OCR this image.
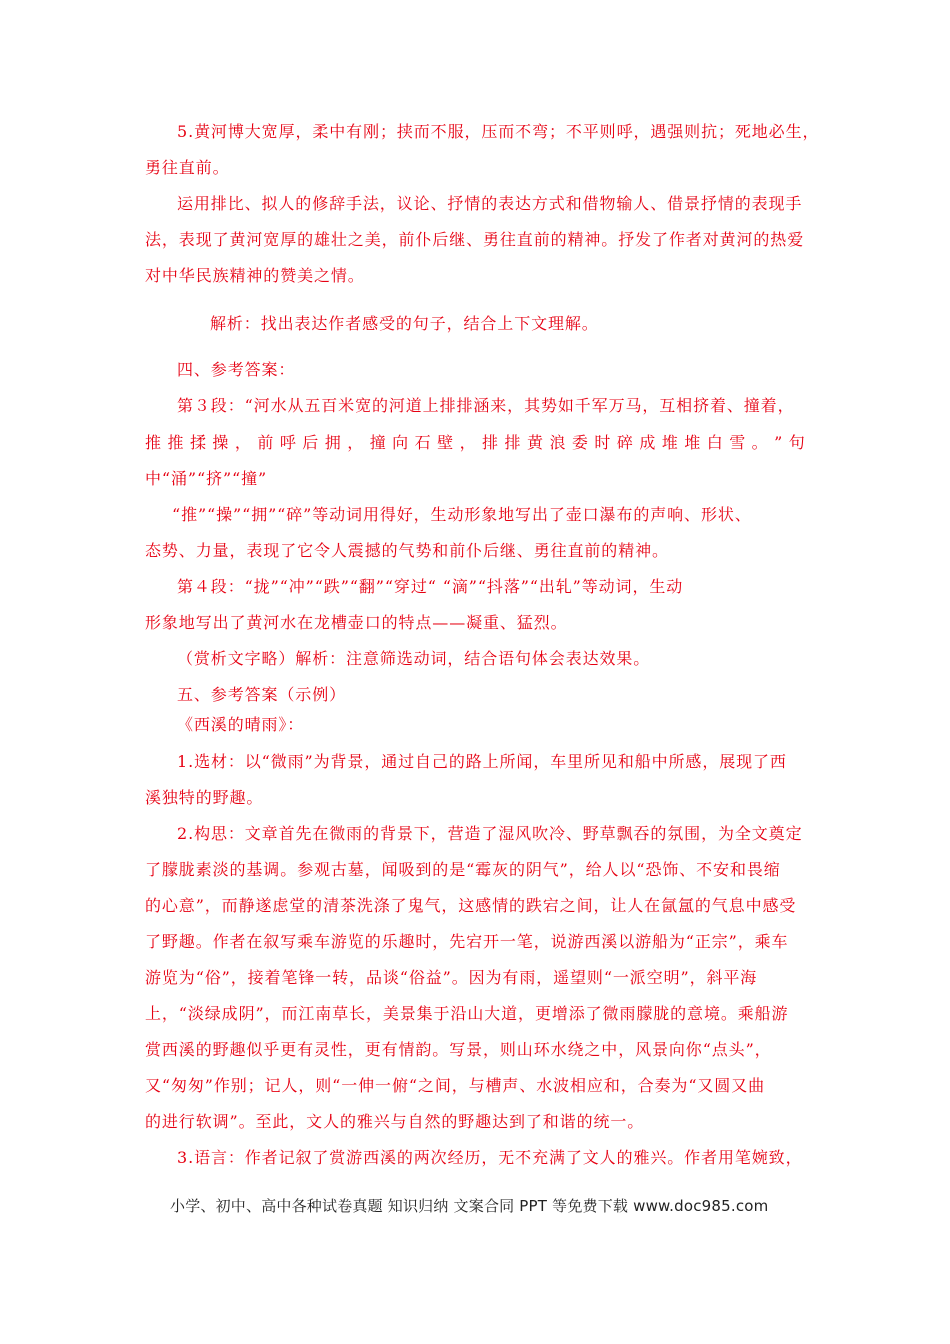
5.黄河博大宽厚，柔中有刚；挟而不服，压而不弯；不平则呼，遇强则抗；死地必生，
勇往直前。
运用排比、拟人的修辞手法，议论、抒情的表达方式和借物输人、借景抒情的表现手
法，表现了黄河宽厚的雄壮之美，前仆后继、勇往直前的精神。抒发了作者对黄河的热爱
对中华民族精神的赞美之情。
解析：找出表达作者感受的句子，结合上下文理解。
四、参考答案：
第３段：“河水从五百米宽的河道上排排涵来，其势如千军万马，互相挤着、撞着，
推 推 揉 操 ， 前 呼 后 拥 ， 撞 向 石 壁 ， 排 排 黄 浪 委 时 碎 成 堆 堆 白 雪 。 ” 句
中“涌”“挤”“撞”
“推”“操”“拥”“碎”等动词用得好，生动形象地写出了壶口瀑布的声响、形状、
态势、力量，表现了它令人震撼的气势和前仆后继、勇往直前的精神。
第４段：“拢”“冲”“跌”“翻”“穿过“ “滴”“抖落”“出轧”等动词，生动
形象地写出了黄河水在龙槽壶口的特点——凝重、猛烈。
（赏析文字略）解析：注意筛选动词，结合语句体会表达效果。
五、参考答案（示例）
《西溪的晴雨》：
1.选材：以“微雨”为背景，通过自己的路上所闻，车里所见和船中所感，展现了西
溪独特的野趣。
2.构思：文章首先在微雨的背景下，营造了湿风吹冷、野草飘吞的氛围，为全文奠定
了朦胧素淡的基调。参观古墓，闻吸到的是“霉灰的阴气”，给人以“恐饰、不安和畏缩
的心意”，而静遂虑堂的清茶洗涤了鬼气，这感情的跌宕之间，让人在氤氲的气息中感受
了野趣。作者在叙写乘车游览的乐趣时，先宕开一笔，说游西溪以游船为“正宗”，乘车
游览为“俗”，接着笔锋一转，品谈“俗益”。因为有雨，遥望则“一派空明”，斜平海
上，“淡绿成阴”，而江南草长，美景集于沿山大道，更增添了微雨朦胧的意境。乘船游
赏西溪的野趣似乎更有灵性，更有情韵。写景，则山环水绕之中，风景向你“点头”，
又“匆匆”作别；记人，则“一伸一俯“之间，与槽声、水波相应和，合奏为“又圆又曲
的进行软调”。至此，文人的雅兴与自然的野趣达到了和谐的统一。
3.语言：作者记叙了赏游西溪的两次经历，无不充满了文人的雅兴。作者用笔婉致，
小学、初中、高中各种试卷真题 知识归纳 文案合同 PPT 等免费下载 www.doc985.com
